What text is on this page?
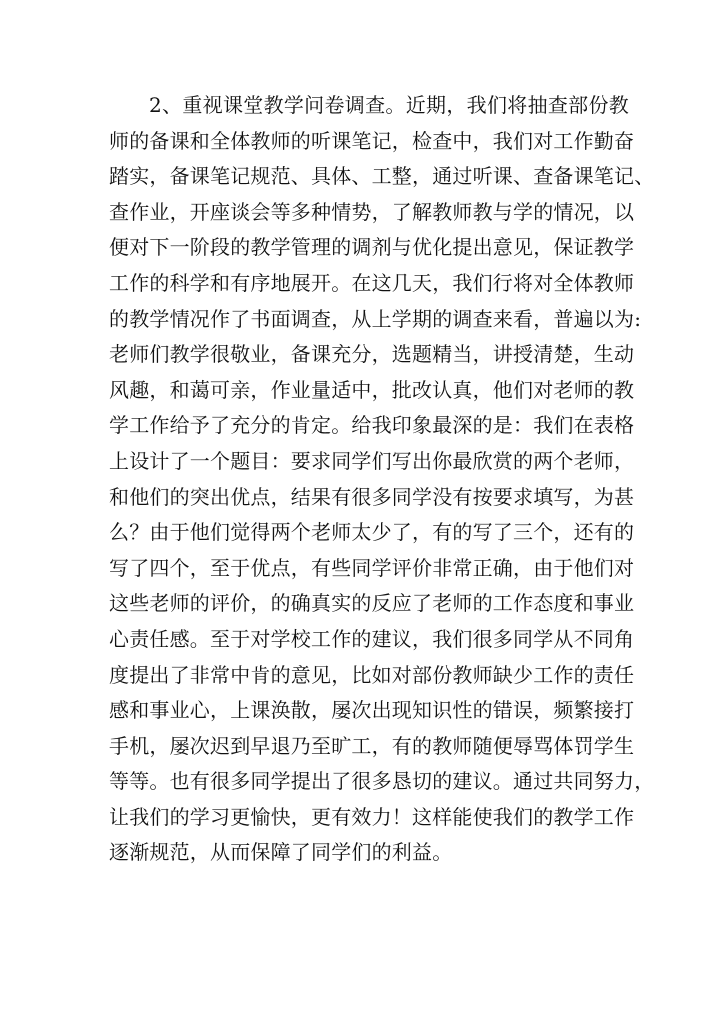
2、重视课堂教学问卷调查。近期，我们将抽查部份教
师的备课和全体教师的听课笔记，检查中，我们对工作勤奋
踏实，备课笔记规范、具体、工整，通过听课、查备课笔记、
查作业，开座谈会等多种情势，了解教师教与学的情况，以
便对下一阶段的教学管理的调剂与优化提出意见，保证教学
工作的科学和有序地展开。在这几天，我们行将对全体教师
的教学情况作了书面调查，从上学期的调查来看，普遍以为:
老师们教学很敬业，备课充分，选题精当，讲授清楚，生动
风趣，和蔼可亲，作业量适中，批改认真，他们对老师的教
学工作给予了充分的肯定。给我印象最深的是：我们在表格
上设计了一个题目：要求同学们写出你最欣赏的两个老师，
和他们的突出优点，结果有很多同学没有按要求填写，为甚
么？由于他们觉得两个老师太少了，有的写了三个，还有的
写了四个，至于优点，有些同学评价非常正确，由于他们对
这些老师的评价，的确真实的反应了老师的工作态度和事业
心责任感。至于对学校工作的建议，我们很多同学从不同角
度提出了非常中肯的意见，比如对部份教师缺少工作的责任
感和事业心，上课涣散，屡次出现知识性的错误，频繁接打
手机，屡次迟到早退乃至旷工，有的教师随便辱骂体罚学生
等等。也有很多同学提出了很多恳切的建议。通过共同努力，
让我们的学习更愉快，更有效力！这样能使我们的教学工作
逐渐规范，从而保障了同学们的利益。
